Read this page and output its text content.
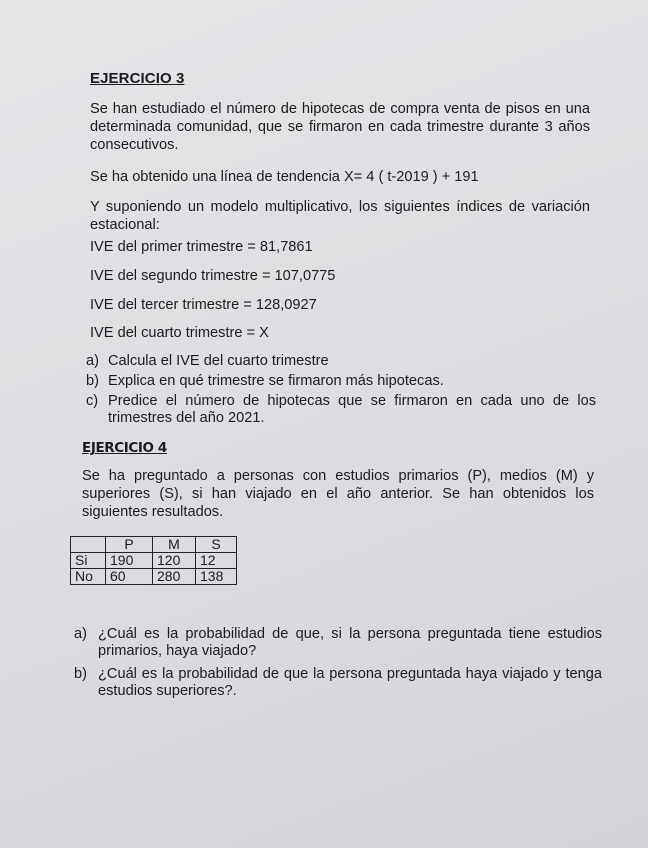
EJERCICIO 3
Se han estudiado el número de hipotecas de compra venta de pisos en una determinada comunidad, que se firmaron en cada trimestre durante 3 años consecutivos.
Se ha obtenido una línea de tendencia X= 4 ( t-2019 ) + 191
Y suponiendo un modelo multiplicativo, los siguientes índices de variación estacional:
IVE del primer trimestre = 81,7861
IVE del segundo trimestre = 107,0775
IVE del tercer trimestre = 128,0927
IVE del cuarto trimestre = X
a) Calcula el IVE del cuarto trimestre
b) Explica en qué trimestre se firmaron más hipotecas.
c) Predice el número de hipotecas que se firmaron en cada uno de los trimestres del año 2021.
EJERCICIO 4
Se ha preguntado a personas con estudios primarios (P), medios (M) y superiores (S), si han viajado en el año anterior. Se han obtenidos los siguientes resultados.
	P	M	S
Si	190	120	12
No	60	280	138
a) ¿Cuál es la probabilidad de que, si la persona preguntada tiene estudios primarios, haya viajado?
b) ¿Cuál es la probabilidad de que la persona preguntada haya viajado y tenga estudios superiores?.
